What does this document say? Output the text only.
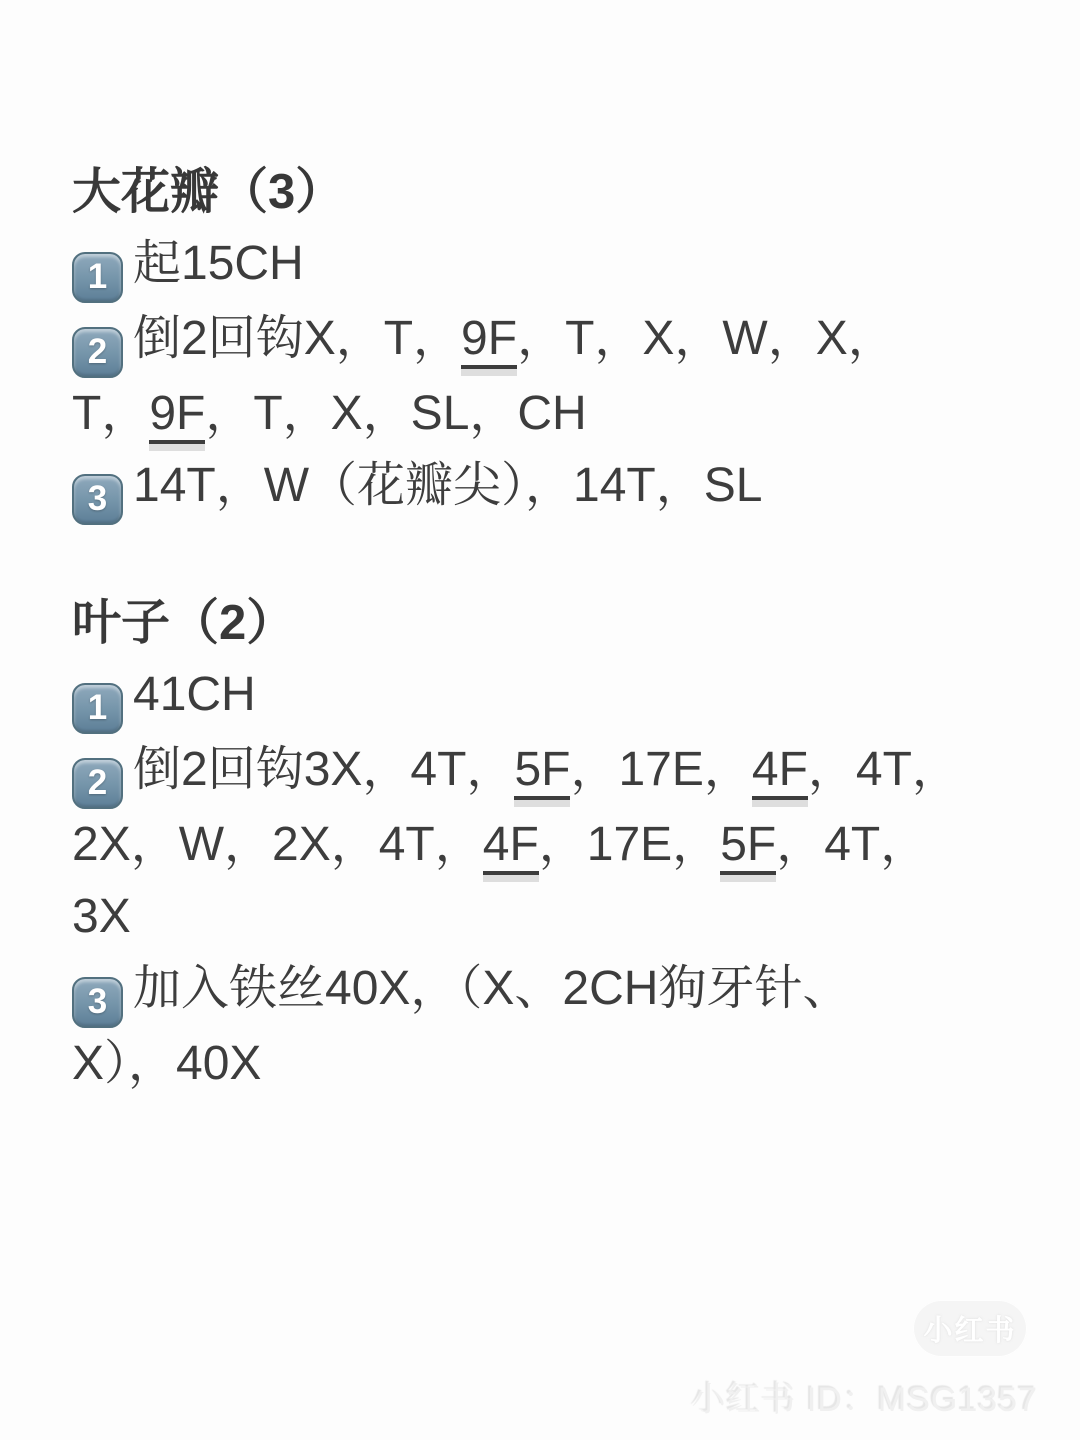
大花瓣（3）
1 起15CH
2 倒2回钩X，T，9F，T，X，W，X，
T，9F，T，X，SL，CH
3 14T，W（花瓣尖），14T，SL
叶子（2）
1 41CH
2 倒2回钩3X，4T，5F，17E，4F，4T，
2X，W，2X，4T，4F，17E，5F，4T，
3X
3 加入铁丝40X，（X、2CH狗牙针、
X），40X
小红书
小红书 ID：MSG1357
